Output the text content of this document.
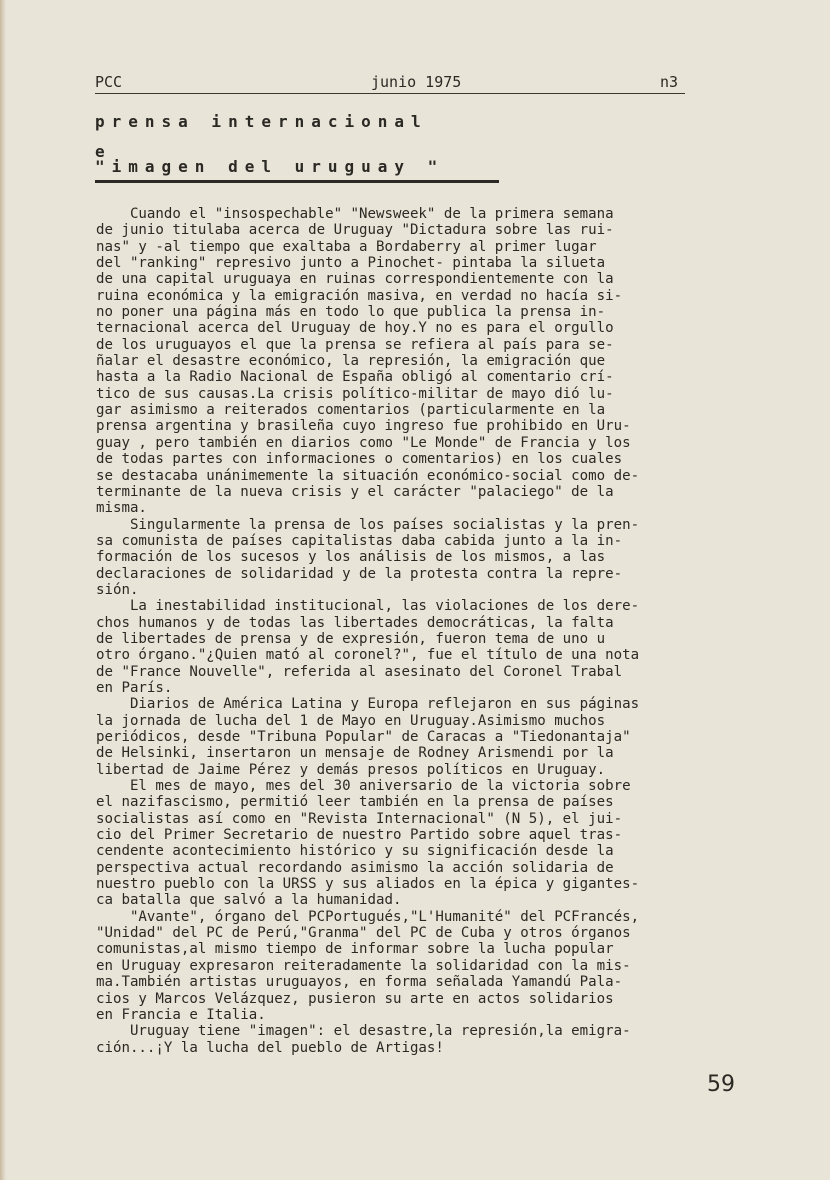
PCC	junio 1975	n3
prensa internacional
e
"imagen del uruguay "
Cuando el "insospechable" "Newsweek" de la primera semana
de junio titulaba acerca de Uruguay "Dictadura sobre las rui-
nas" y -al tiempo que exaltaba a Bordaberry al primer lugar
del "ranking" represivo junto a Pinochet- pintaba la silueta
de una capital uruguaya en ruinas correspondientemente con la
ruina económica y la emigración masiva, en verdad no hacía si-
no poner una página más en todo lo que publica la prensa in-
ternacional acerca del Uruguay de hoy.Y no es para el orgullo
de los uruguayos el que la prensa se refiera al país para se-
ñalar el desastre económico, la represión, la emigración que
hasta a la Radio Nacional de España obligó al comentario crí-
tico de sus causas.La crisis político-militar de mayo dió lu-
gar asimismo a reiterados comentarios (particularmente en la
prensa argentina y brasileña cuyo ingreso fue prohibido en Uru-
guay , pero también en diarios como "Le Monde" de Francia y los
de todas partes con informaciones o comentarios) en los cuales
se destacaba unánimemente la situación económico-social como de-
terminante de la nueva crisis y el carácter "palaciego" de la
misma.
Singularmente la prensa de los países socialistas y la pren-
sa comunista de países capitalistas daba cabida junto a la in-
formación de los sucesos y los análisis de los mismos, a las
declaraciones de solidaridad y de la protesta contra la repre-
sión.
La inestabilidad institucional, las violaciones de los dere-
chos humanos y de todas las libertades democráticas, la falta
de libertades de prensa y de expresión, fueron tema de uno u
otro órgano."¿Quien mató al coronel?", fue el título de una nota
de "France Nouvelle", referida al asesinato del Coronel Trabal
en París.
Diarios de América Latina y Europa reflejaron en sus páginas
la jornada de lucha del 1 de Mayo en Uruguay.Asimismo muchos
periódicos, desde "Tribuna Popular" de Caracas a "Tiedonantaja"
de Helsinki, insertaron un mensaje de Rodney Arismendi por la
libertad de Jaime Pérez y demás presos políticos en Uruguay.
El mes de mayo, mes del 30 aniversario de la victoria sobre
el nazifascismo, permitió leer también en la prensa de países
socialistas así como en "Revista Internacional" (N 5), el jui-
cio del Primer Secretario de nuestro Partido sobre aquel tras-
cendente acontecimiento histórico y su significación desde la
perspectiva actual recordando asimismo la acción solidaria de
nuestro pueblo con la URSS y sus aliados en la épica y gigantes-
ca batalla que salvó a la humanidad.
"Avante", órgano del PCPortugués,"L'Humanité" del PCFrancés,
"Unidad" del PC de Perú,"Granma" del PC de Cuba y otros órganos
comunistas,al mismo tiempo de informar sobre la lucha popular
en Uruguay expresaron reiteradamente la solidaridad con la mis-
ma.También artistas uruguayos, en forma señalada Yamandú Pala-
cios y Marcos Velázquez, pusieron su arte en actos solidarios
en Francia e Italia.
Uruguay tiene "imagen": el desastre,la represión,la emigra-
ción...¡Y la lucha del pueblo de Artigas!
59
